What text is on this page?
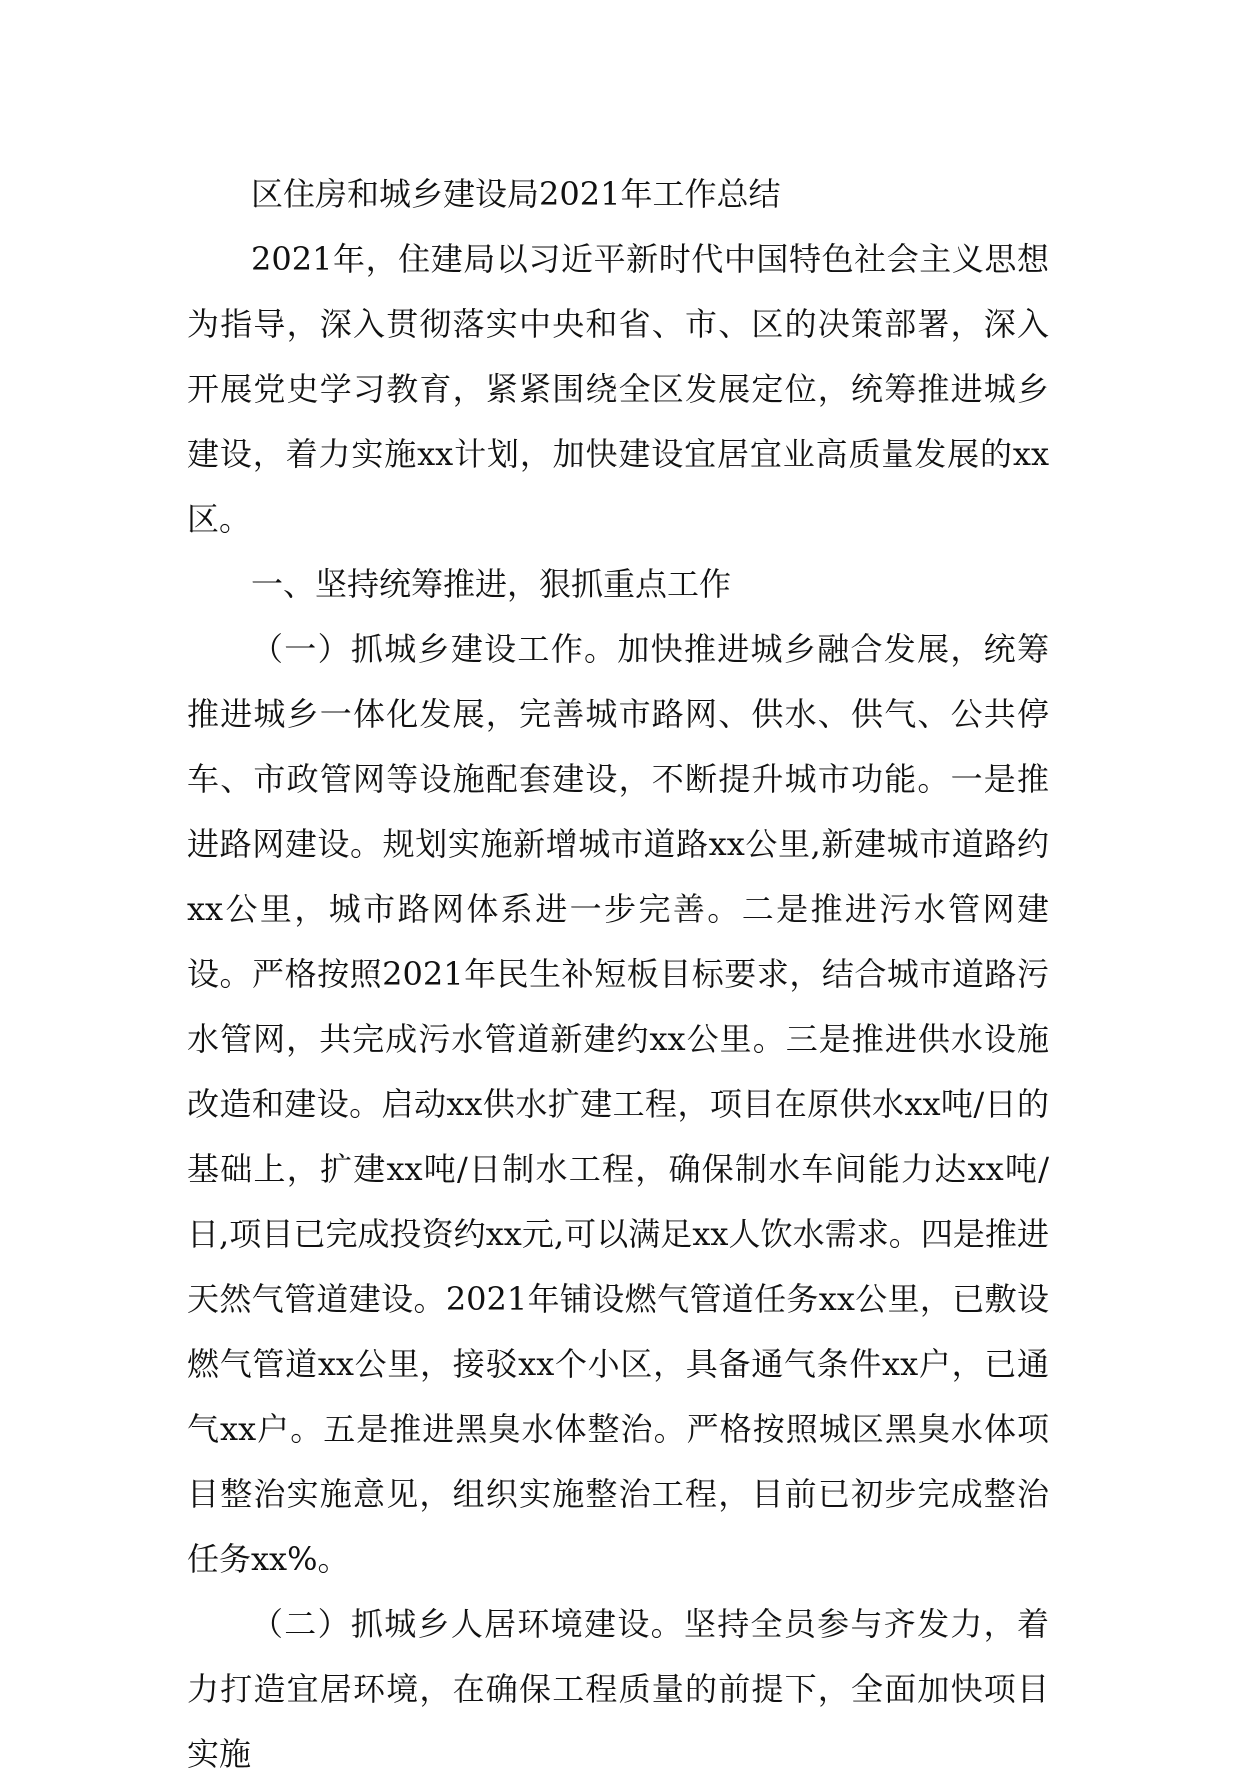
区住房和城乡建设局2021年工作总结

2021年，住建局以习近平新时代中国特色社会主义思想为指导，深入贯彻落实中央和省、市、区的决策部署，深入开展党史学习教育，紧紧围绕全区发展定位，统筹推进城乡建设，着力实施xx计划，加快建设宜居宜业高质量发展的xx区。

一、坚持统筹推进，狠抓重点工作

（一）抓城乡建设工作。加快推进城乡融合发展，统筹推进城乡一体化发展，完善城市路网、供水、供气、公共停车、市政管网等设施配套建设，不断提升城市功能。一是推进路网建设。规划实施新增城市道路xx公里,新建城市道路约xx公里，城市路网体系进一步完善。二是推进污水管网建设。严格按照2021年民生补短板目标要求，结合城市道路污水管网，共完成污水管道新建约xx公里。三是推进供水设施改造和建设。启动xx供水扩建工程，项目在原供水xx吨/日的基础上，扩建xx吨/日制水工程，确保制水车间能力达xx吨/日,项目已完成投资约xx元,可以满足xx人饮水需求。四是推进天然气管道建设。2021年铺设燃气管道任务xx公里，已敷设燃气管道xx公里，接驳xx个小区，具备通气条件xx户，已通气xx户。五是推进黑臭水体整治。严格按照城区黑臭水体项目整治实施意见，组织实施整治工程，目前已初步完成整治任务xx%。

（二）抓城乡人居环境建设。坚持全员参与齐发力，着力打造宜居环境，在确保工程质量的前提下，全面加快项目实施
